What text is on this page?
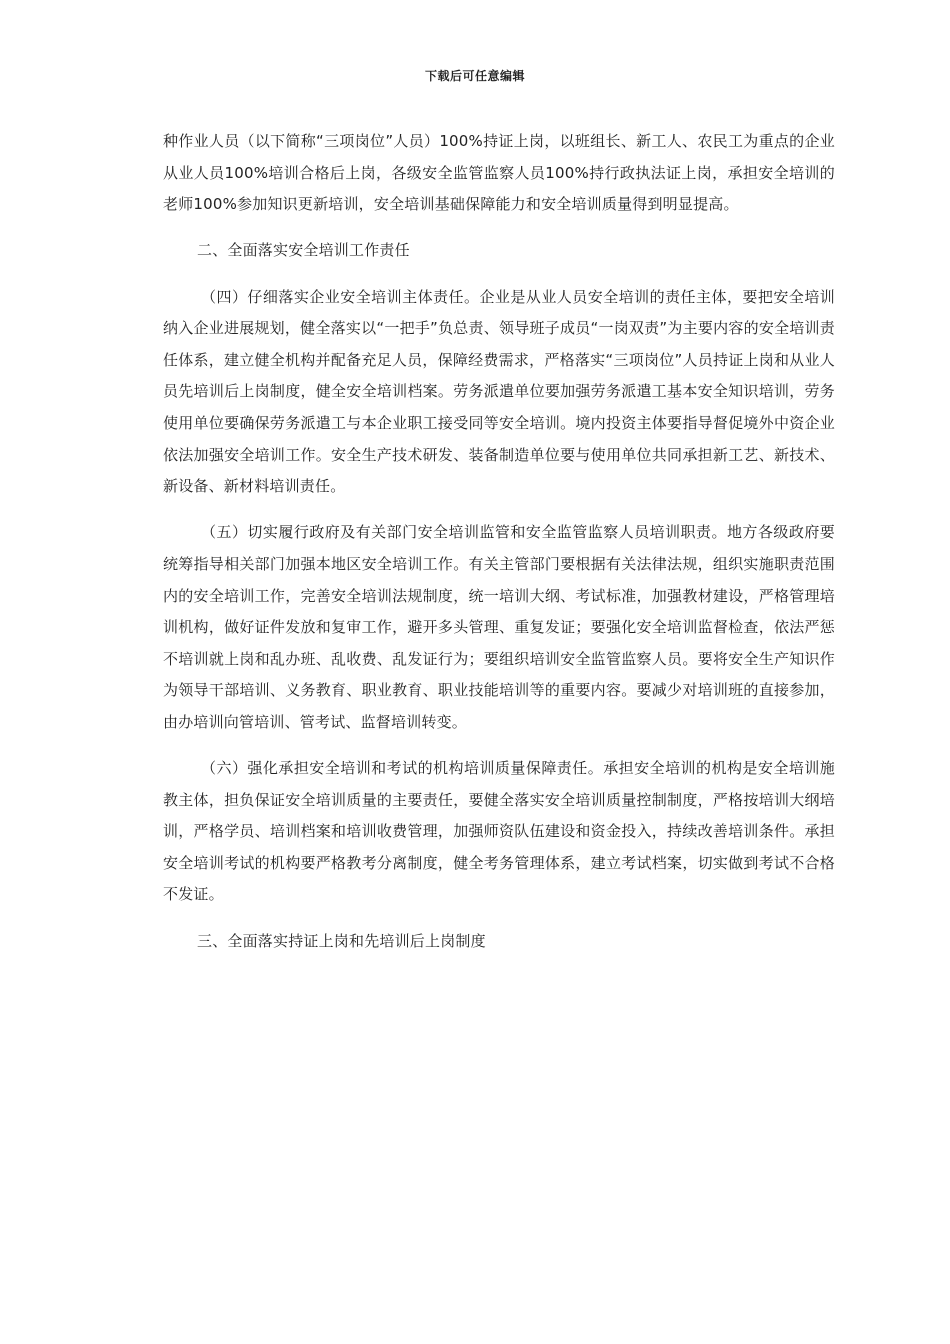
下载后可任意编辑

种作业人员（以下简称“三项岗位”人员）100%持证上岗，以班组长、新工人、农民工为重点的企业从业人员100%培训合格后上岗，各级安全监管监察人员100%持行政执法证上岗，承担安全培训的老师100%参加知识更新培训，安全培训基础保障能力和安全培训质量得到明显提高。

二、全面落实安全培训工作责任

（四）仔细落实企业安全培训主体责任。企业是从业人员安全培训的责任主体，要把安全培训纳入企业进展规划，健全落实以“一把手”负总责、领导班子成员“一岗双责”为主要内容的安全培训责任体系，建立健全机构并配备充足人员，保障经费需求，严格落实“三项岗位”人员持证上岗和从业人员先培训后上岗制度，健全安全培训档案。劳务派遣单位要加强劳务派遣工基本安全知识培训，劳务使用单位要确保劳务派遣工与本企业职工接受同等安全培训。境内投资主体要指导督促境外中资企业依法加强安全培训工作。安全生产技术研发、装备制造单位要与使用单位共同承担新工艺、新技术、新设备、新材料培训责任。

（五）切实履行政府及有关部门安全培训监管和安全监管监察人员培训职责。地方各级政府要统筹指导相关部门加强本地区安全培训工作。有关主管部门要根据有关法律法规，组织实施职责范围内的安全培训工作，完善安全培训法规制度，统一培训大纲、考试标准，加强教材建设，严格管理培训机构，做好证件发放和复审工作，避开多头管理、重复发证；要强化安全培训监督检查，依法严惩不培训就上岗和乱办班、乱收费、乱发证行为；要组织培训安全监管监察人员。要将安全生产知识作为领导干部培训、义务教育、职业教育、职业技能培训等的重要内容。要减少对培训班的直接参加，由办培训向管培训、管考试、监督培训转变。

（六）强化承担安全培训和考试的机构培训质量保障责任。承担安全培训的机构是安全培训施教主体，担负保证安全培训质量的主要责任，要健全落实安全培训质量控制制度，严格按培训大纲培训，严格学员、培训档案和培训收费管理，加强师资队伍建设和资金投入，持续改善培训条件。承担安全培训考试的机构要严格教考分离制度，健全考务管理体系，建立考试档案，切实做到考试不合格不发证。

三、全面落实持证上岗和先培训后上岗制度
